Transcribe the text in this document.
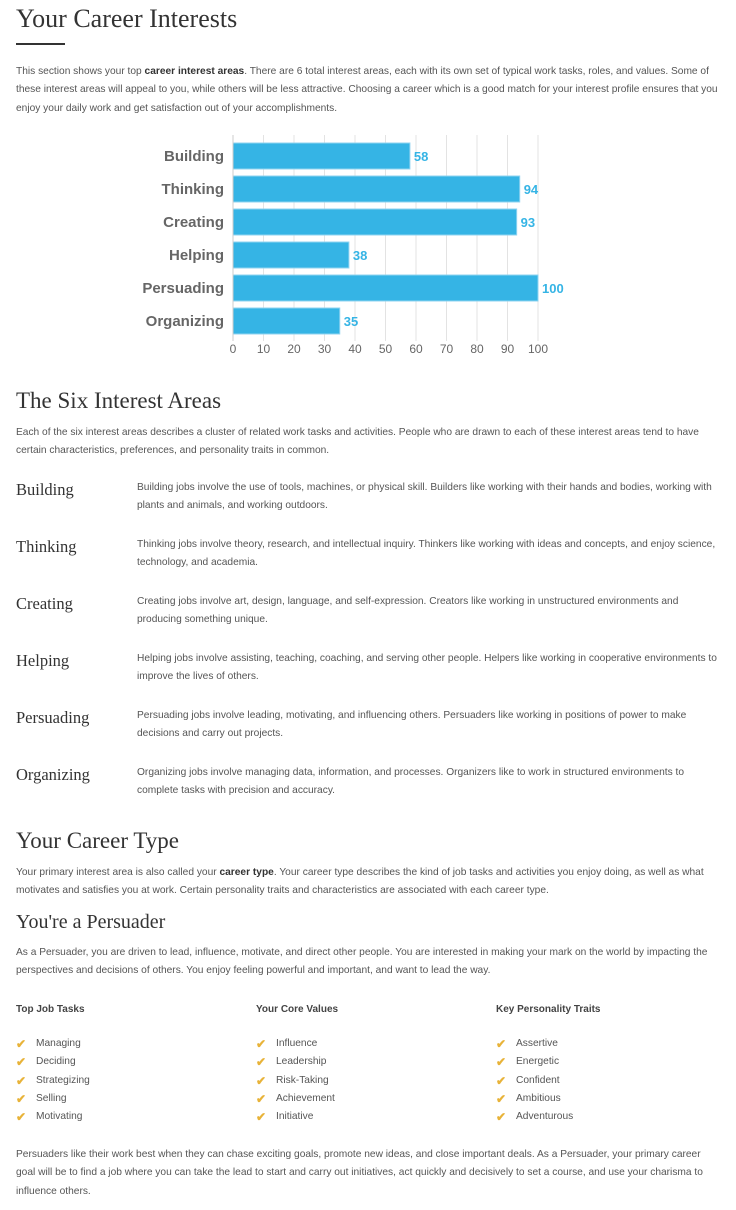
Your Career Interests
This section shows your top career interest areas. There are 6 total interest areas, each with its own set of typical work tasks, roles, and values. Some of these interest areas will appeal to you, while others will be less attractive. Choosing a career which is a good match for your interest profile ensures that you enjoy your daily work and get satisfaction out of your accomplishments.
0 10 20 30 40 50 60 70 80 90 100
Building	58
Thinking	94
Creating	93
Helping	38
Persuading	100
Organizing	35
The Six Interest Areas
Each of the six interest areas describes a cluster of related work tasks and activities. People who are drawn to each of these interest areas tend to have certain characteristics, preferences, and personality traits in common.
Building	Building jobs involve the use of tools, machines, or physical skill. Builders like working with their hands and bodies, working with plants and animals, and working outdoors.
Thinking	Thinking jobs involve theory, research, and intellectual inquiry. Thinkers like working with ideas and concepts, and enjoy science, technology, and academia.
Creating	Creating jobs involve art, design, language, and self-expression. Creators like working in unstructured environments and producing something unique.
Helping	Helping jobs involve assisting, teaching, coaching, and serving other people. Helpers like working in cooperative environments to improve the lives of others.
Persuading	Persuading jobs involve leading, motivating, and influencing others. Persuaders like working in positions of power to make decisions and carry out projects.
Organizing	Organizing jobs involve managing data, information, and processes. Organizers like to work in structured environments to complete tasks with precision and accuracy.
Your Career Type
Your primary interest area is also called your career type. Your career type describes the kind of job tasks and activities you enjoy doing, as well as what motivates and satisfies you at work. Certain personality traits and characteristics are associated with each career type.
You're a Persuader
As a Persuader, you are driven to lead, influence, motivate, and direct other people. You are interested in making your mark on the world by impacting the perspectives and decisions of others. You enjoy feeling powerful and important, and want to lead the way.
Top Job Tasks
✔ Managing
✔ Deciding
✔ Strategizing
✔ Selling
✔ Motivating
Your Core Values
✔ Influence
✔ Leadership
✔ Risk-Taking
✔ Achievement
✔ Initiative
Key Personality Traits
✔ Assertive
✔ Energetic
✔ Confident
✔ Ambitious
✔ Adventurous
Persuaders like their work best when they can chase exciting goals, promote new ideas, and close important deals. As a Persuader, your primary career goal will be to find a job where you can take the lead to start and carry out initiatives, act quickly and decisively to set a course, and use your charisma to influence others.
